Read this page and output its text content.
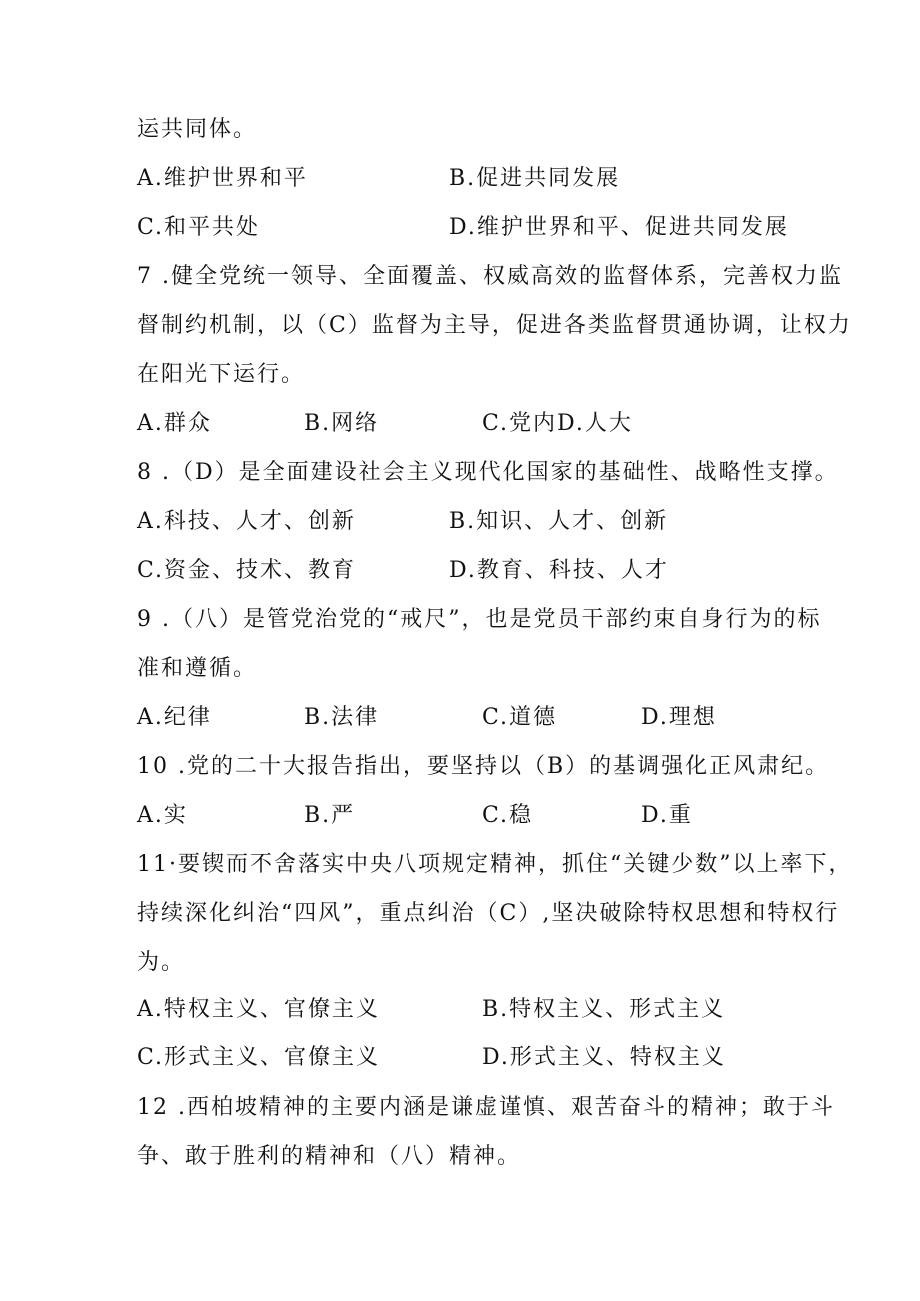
运共同体。
A.维护世界和平	B.促进共同发展
C.和平共处	D.维护世界和平、促进共同发展
7 .健全党统一领导、全面覆盖、权威高效的监督体系，完善权力监
督制约机制，以（C）监督为主导，促进各类监督贯通协调，让权力
在阳光下运行。
A.群众	B.网络	C.党内D.人大
8 .（D）是全面建设社会主义现代化国家的基础性、战略性支撑。
A.科技、人才、创新	B.知识、人才、创新
C.资金、技术、教育	D.教育、科技、人才
9 .（八）是管党治党的“戒尺”，也是党员干部约束自身行为的标
准和遵循。
A.纪律	B.法律	C.道德	D.理想
10 .党的二十大报告指出，要坚持以（B）的基调强化正风肃纪。
A.实	B.严	C.稳	D.重
11·要锲而不舍落实中央八项规定精神，抓住“关键少数”以上率下，
持续深化纠治“四风”，重点纠治（C）,坚决破除特权思想和特权行
为。
A.特权主义、官僚主义	B.特权主义、形式主义
C.形式主义、官僚主义	D.形式主义、特权主义
12 .西柏坡精神的主要内涵是谦虚谨慎、艰苦奋斗的精神；敢于斗
争、敢于胜利的精神和（八）精神。
